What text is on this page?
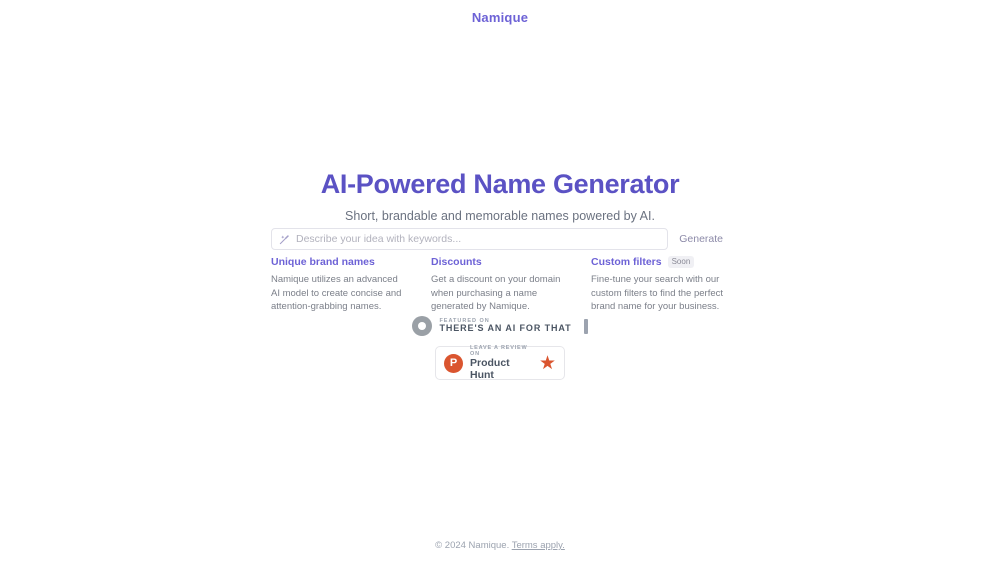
Namique
AI-Powered Name Generator

Short, brandable and memorable names powered by AI.

Describe your idea with keywords...
Generate
Unique brand names

Namique utilizes an advanced AI model to create concise and attention-grabbing names.

Discounts

Get a discount on your domain when purchasing a name generated by Namique.

Custom filters	Soon

Fine-tune your search with our custom filters to find the perfect brand name for your business.

FEATURED ON
THERE'S AN AI FOR THAT
P
LEAVE A REVIEW ON
Product Hunt
★
© 2024 Namique. Terms apply.
